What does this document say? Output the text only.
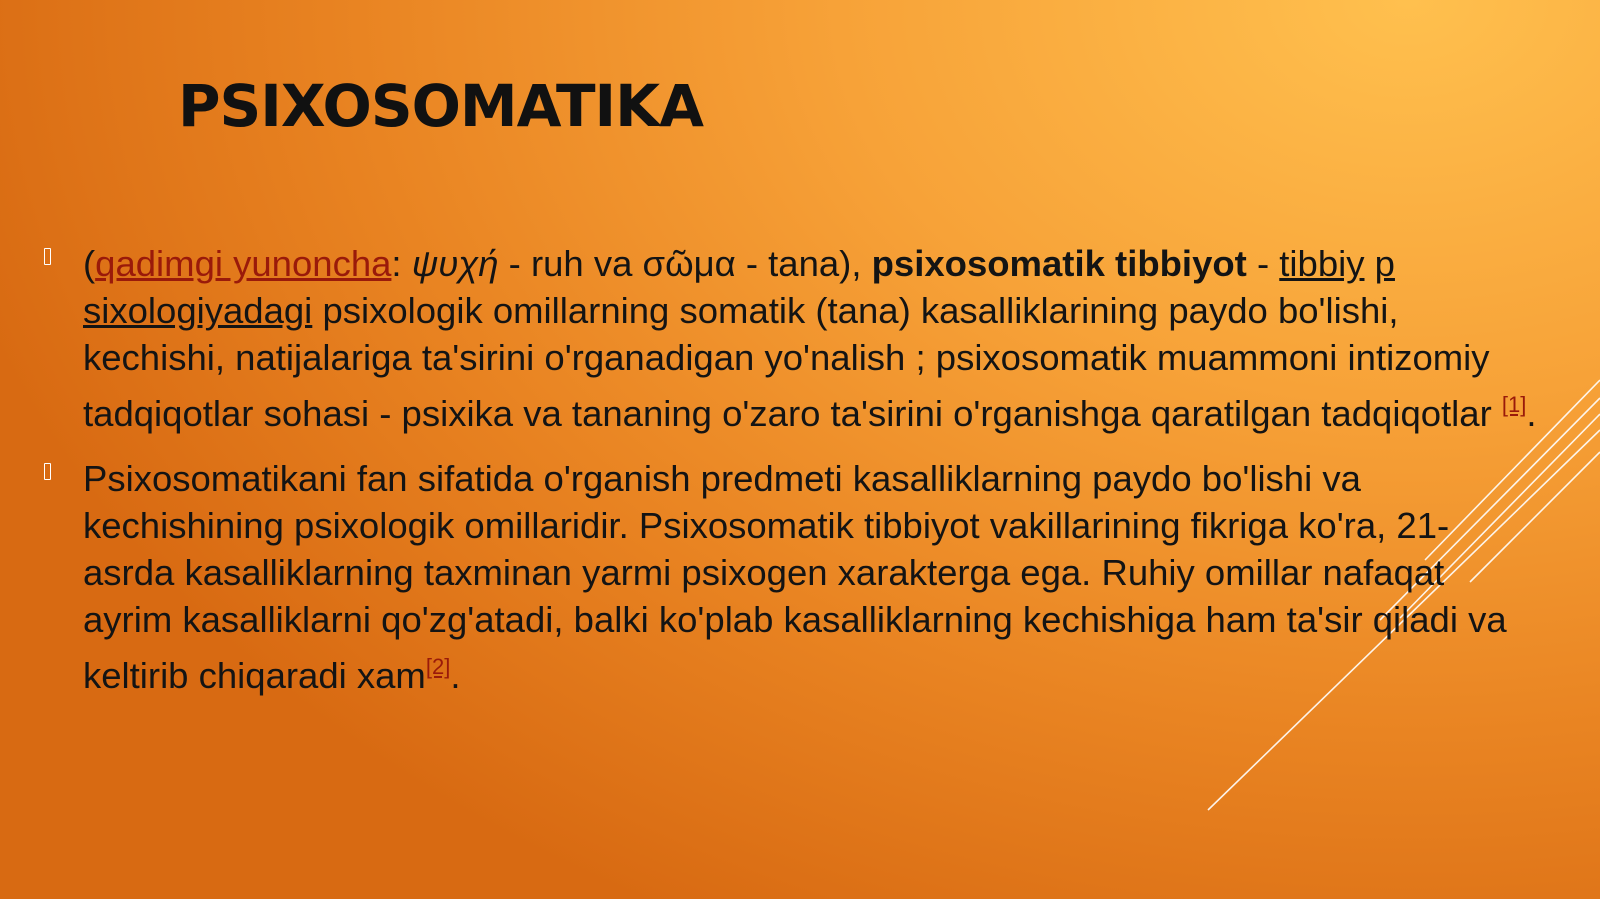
PSIXOSOMATIKA

(qadimgi yunoncha: ψυχή - ruh va σῶμα - tana), psixosomatik tibbiyot - tibbiy p
sixologiyadagi psixologik omillarning somatik (tana) kasalliklarining paydo bo'lishi,
kechishi, natijalariga ta'sirini o'rganadigan yo'nalish ; psixosomatik muammoni intizomiy tadqiqotlar sohasi - psixika va tananing o'zaro ta'sirini o'rganishga qaratilgan tadqiqotlar [1].

Psixosomatikani fan sifatida o'rganish predmeti kasalliklarning paydo bo'lishi va kechishining psixologik omillaridir. Psixosomatik tibbiyot vakillarining fikriga ko'ra, 21-asrda kasalliklarning taxminan yarmi psixogen xarakterga ega. Ruhiy omillar nafaqat ayrim kasalliklarni qo'zg'atadi, balki ko'plab kasalliklarning kechishiga ham ta'sir qiladi va keltirib chiqaradi xam[2].
